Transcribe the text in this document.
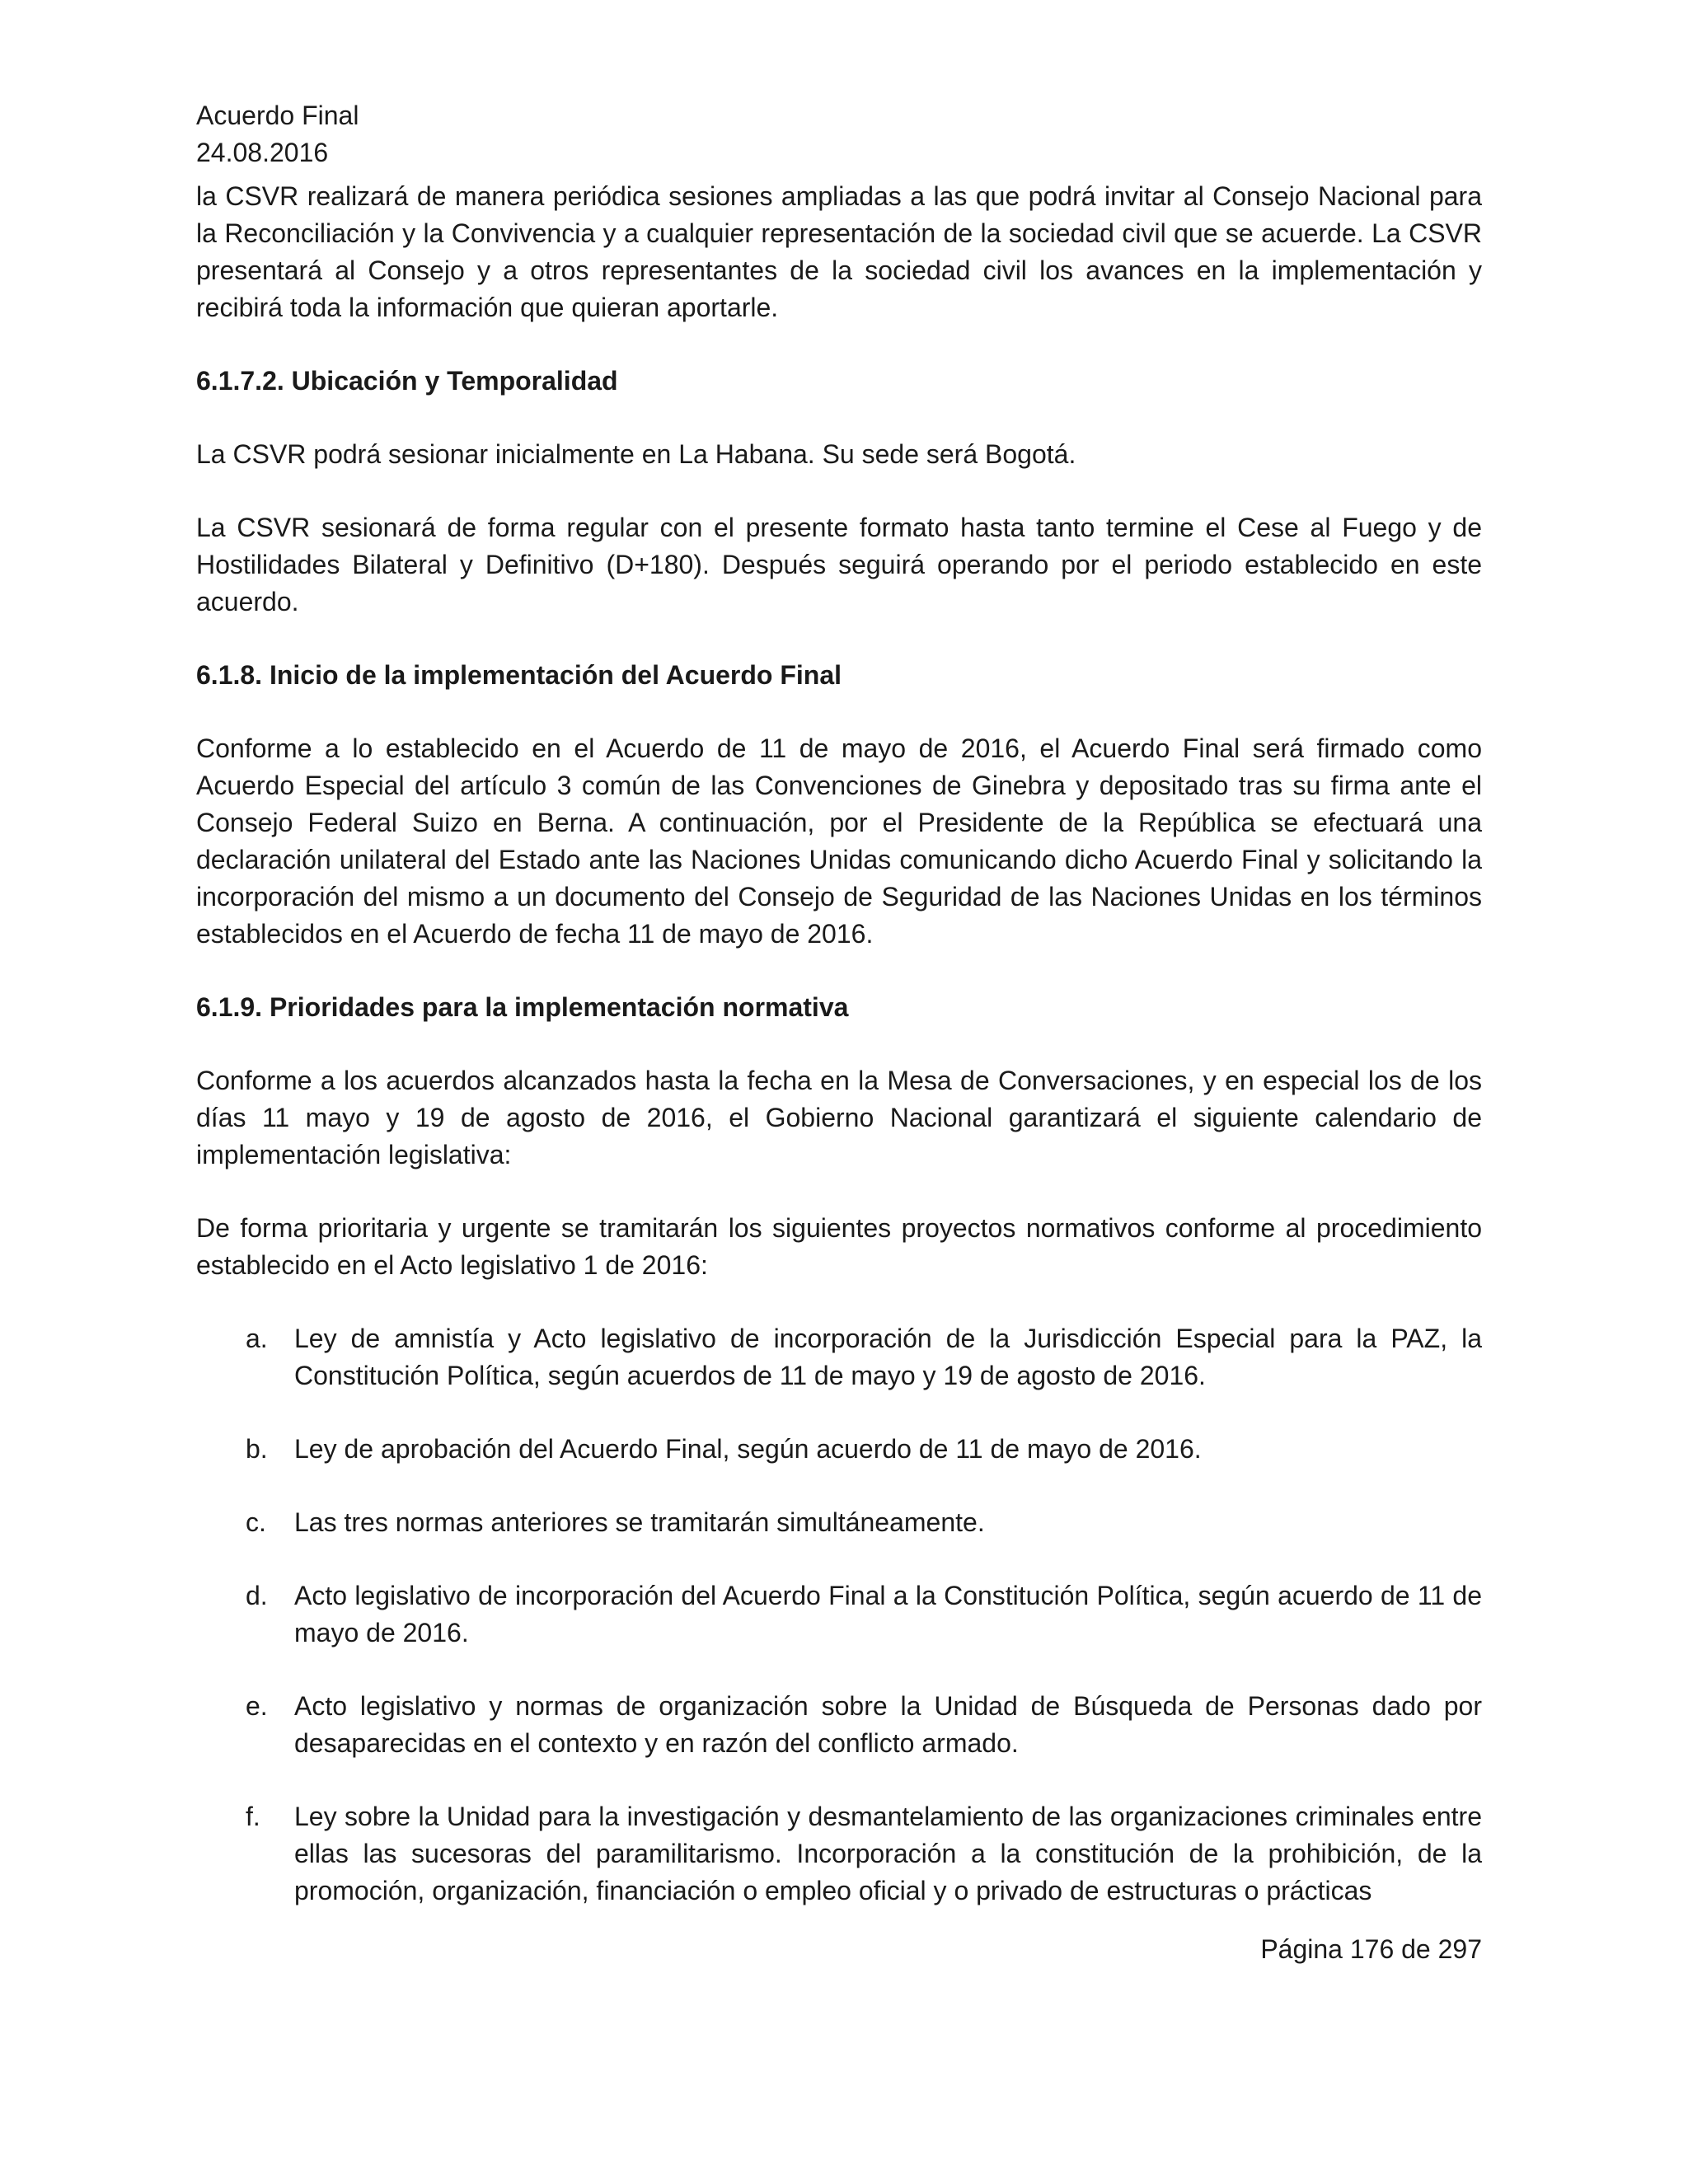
Acuerdo Final
24.08.2016

la CSVR realizará de manera periódica sesiones ampliadas a las que podrá invitar al Consejo Nacional para la Reconciliación y la Convivencia y a cualquier representación de la sociedad civil que se acuerde. La CSVR presentará al Consejo y a otros representantes de la sociedad civil los avances en la implementación y recibirá toda la información que quieran aportarle.

6.1.7.2. Ubicación y Temporalidad

La CSVR podrá sesionar inicialmente en La Habana. Su sede será Bogotá.

La CSVR sesionará de forma regular con el presente formato hasta tanto termine el Cese al Fuego y de Hostilidades Bilateral y Definitivo (D+180). Después seguirá operando por el periodo establecido en este acuerdo.

6.1.8. Inicio de la implementación del Acuerdo Final

Conforme a lo establecido en el Acuerdo de 11 de mayo de 2016, el Acuerdo Final será firmado como Acuerdo Especial del artículo 3 común de las Convenciones de Ginebra y depositado tras su firma ante el Consejo Federal Suizo en Berna. A continuación, por el Presidente de la República se efectuará una declaración unilateral del Estado ante las Naciones Unidas comunicando dicho Acuerdo Final y solicitando la incorporación del mismo a un documento del Consejo de Seguridad de las Naciones Unidas en los términos establecidos en el Acuerdo de fecha 11 de mayo de 2016.

6.1.9. Prioridades para la implementación normativa

Conforme a los acuerdos alcanzados hasta la fecha en la Mesa de Conversaciones, y en especial los de los días 11 mayo y 19 de agosto de 2016, el Gobierno Nacional garantizará el siguiente calendario de implementación legislativa:

De forma prioritaria y urgente se tramitarán los siguientes proyectos normativos conforme al procedimiento establecido en el Acto legislativo 1 de 2016:

a. Ley de amnistía y Acto legislativo de incorporación de la Jurisdicción Especial para la PAZ, la Constitución Política, según acuerdos de 11 de mayo y 19 de agosto de 2016.
b. Ley de aprobación del Acuerdo Final, según acuerdo de 11 de mayo de 2016.
c. Las tres normas anteriores se tramitarán simultáneamente.
d. Acto legislativo de incorporación del Acuerdo Final a la Constitución Política, según acuerdo de 11 de mayo de 2016.
e. Acto legislativo y normas de organización sobre la Unidad de Búsqueda de Personas dado por desaparecidas en el contexto y en razón del conflicto armado.
f. Ley sobre la Unidad para la investigación y desmantelamiento de las organizaciones criminales entre ellas las sucesoras del paramilitarismo. Incorporación a la constitución de la prohibición, de la promoción, organización, financiación o empleo oficial y o privado de estructuras o prácticas
Página 176 de 297
